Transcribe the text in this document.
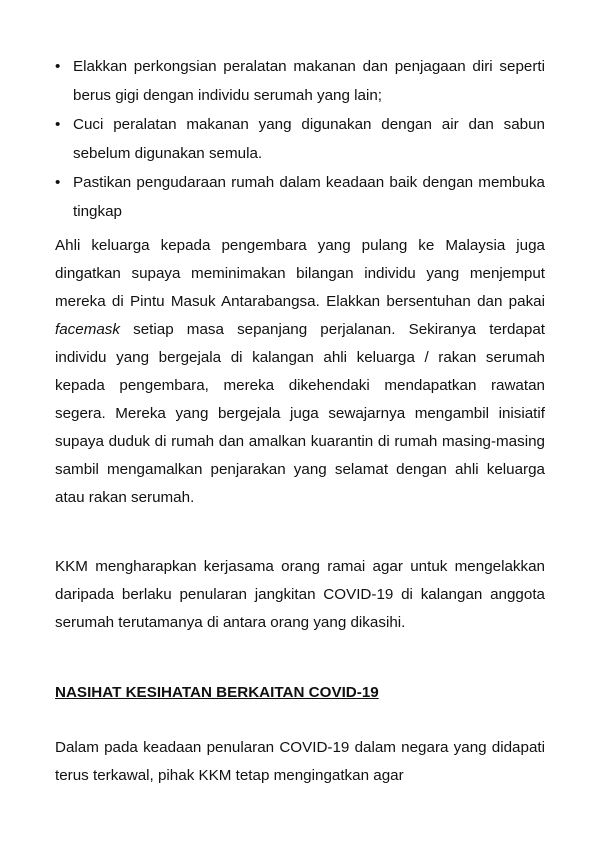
• Elakkan perkongsian peralatan makanan dan penjagaan diri seperti berus gigi dengan individu serumah yang lain;
• Cuci peralatan makanan yang digunakan dengan air dan sabun sebelum digunakan semula.
• Pastikan pengudaraan rumah dalam keadaan baik dengan membuka tingkap

Ahli keluarga kepada pengembara yang pulang ke Malaysia juga dingatkan supaya meminimakan bilangan individu yang menjemput mereka di Pintu Masuk Antarabangsa. Elakkan bersentuhan dan pakai facemask setiap masa sepanjang perjalanan. Sekiranya terdapat individu yang bergejala di kalangan ahli keluarga / rakan serumah kepada pengembara, mereka dikehendaki mendapatkan rawatan segera. Mereka yang bergejala juga sewajarnya mengambil inisiatif supaya duduk di rumah dan amalkan kuarantin di rumah masing-masing sambil mengamalkan penjarakan yang selamat dengan ahli keluarga atau rakan serumah.

KKM mengharapkan kerjasama orang ramai agar untuk mengelakkan daripada berlaku penularan jangkitan COVID-19 di kalangan anggota serumah terutamanya di antara orang yang dikasihi.

NASIHAT KESIHATAN BERKAITAN COVID-19

Dalam pada keadaan penularan COVID-19 dalam negara yang didapati terus terkawal, pihak KKM tetap mengingatkan agar
